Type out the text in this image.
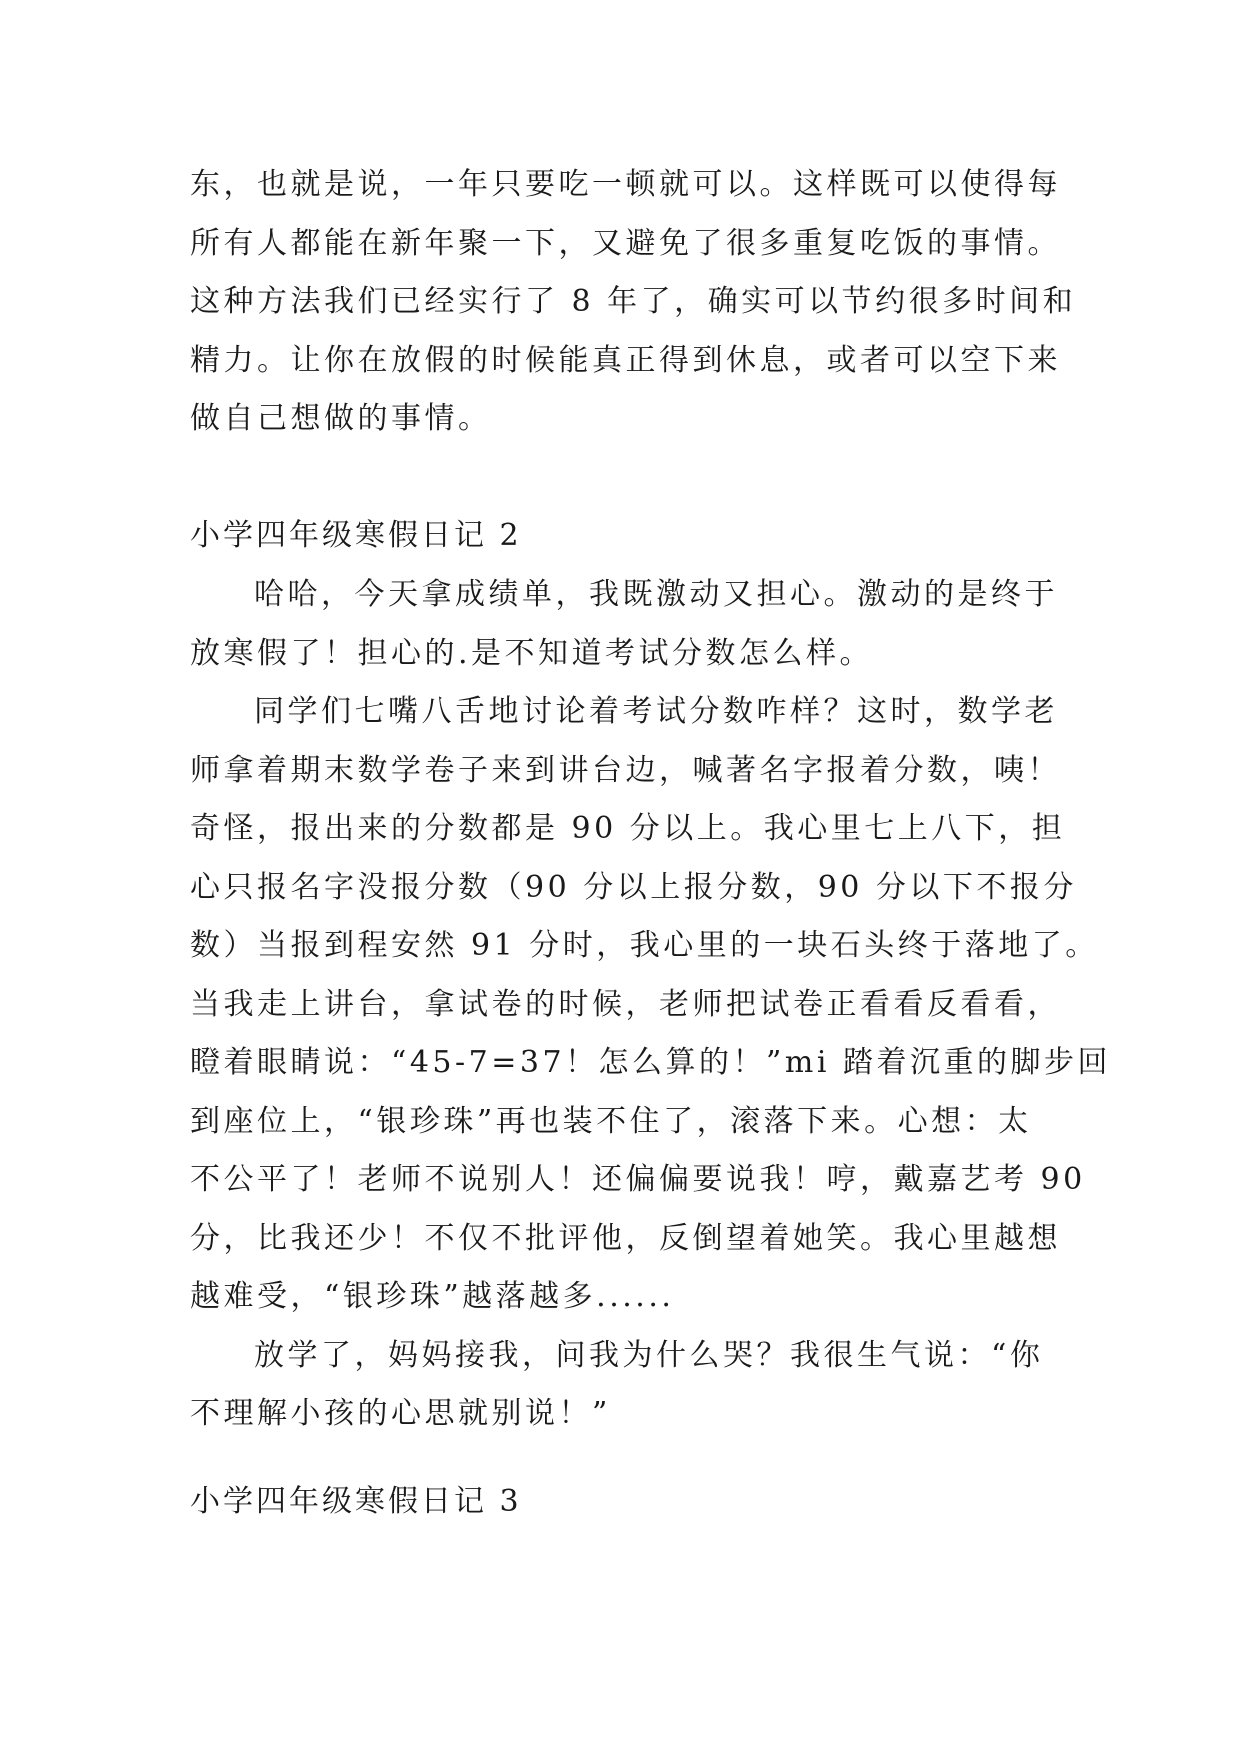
东，也就是说，一年只要吃一顿就可以。这样既可以使得每
所有人都能在新年聚一下，又避免了很多重复吃饭的事情。
这种方法我们已经实行了 8 年了，确实可以节约很多时间和
精力。让你在放假的时候能真正得到休息，或者可以空下来
做自己想做的事情。
小学四年级寒假日记 2
哈哈，今天拿成绩单，我既激动又担心。激动的是终于
放寒假了！担心的.是不知道考试分数怎么样。
同学们七嘴八舌地讨论着考试分数咋样？这时，数学老
师拿着期末数学卷子来到讲台边，喊著名字报着分数，咦！
奇怪，报出来的分数都是 90 分以上。我心里七上八下，担
心只报名字没报分数（90 分以上报分数，90 分以下不报分
数）当报到程安然 91 分时，我心里的一块石头终于落地了。
当我走上讲台，拿试卷的时候，老师把试卷正看看反看看，
瞪着眼睛说：“45-7=37！怎么算的！”mi 踏着沉重的脚步回
到座位上，“银珍珠”再也装不住了，滚落下来。心想：太
不公平了！老师不说别人！还偏偏要说我！哼，戴嘉艺考 90
分，比我还少！不仅不批评他，反倒望着她笑。我心里越想
越难受，“银珍珠”越落越多......
放学了，妈妈接我，问我为什么哭？我很生气说：“你
不理解小孩的心思就别说！”
小学四年级寒假日记 3
